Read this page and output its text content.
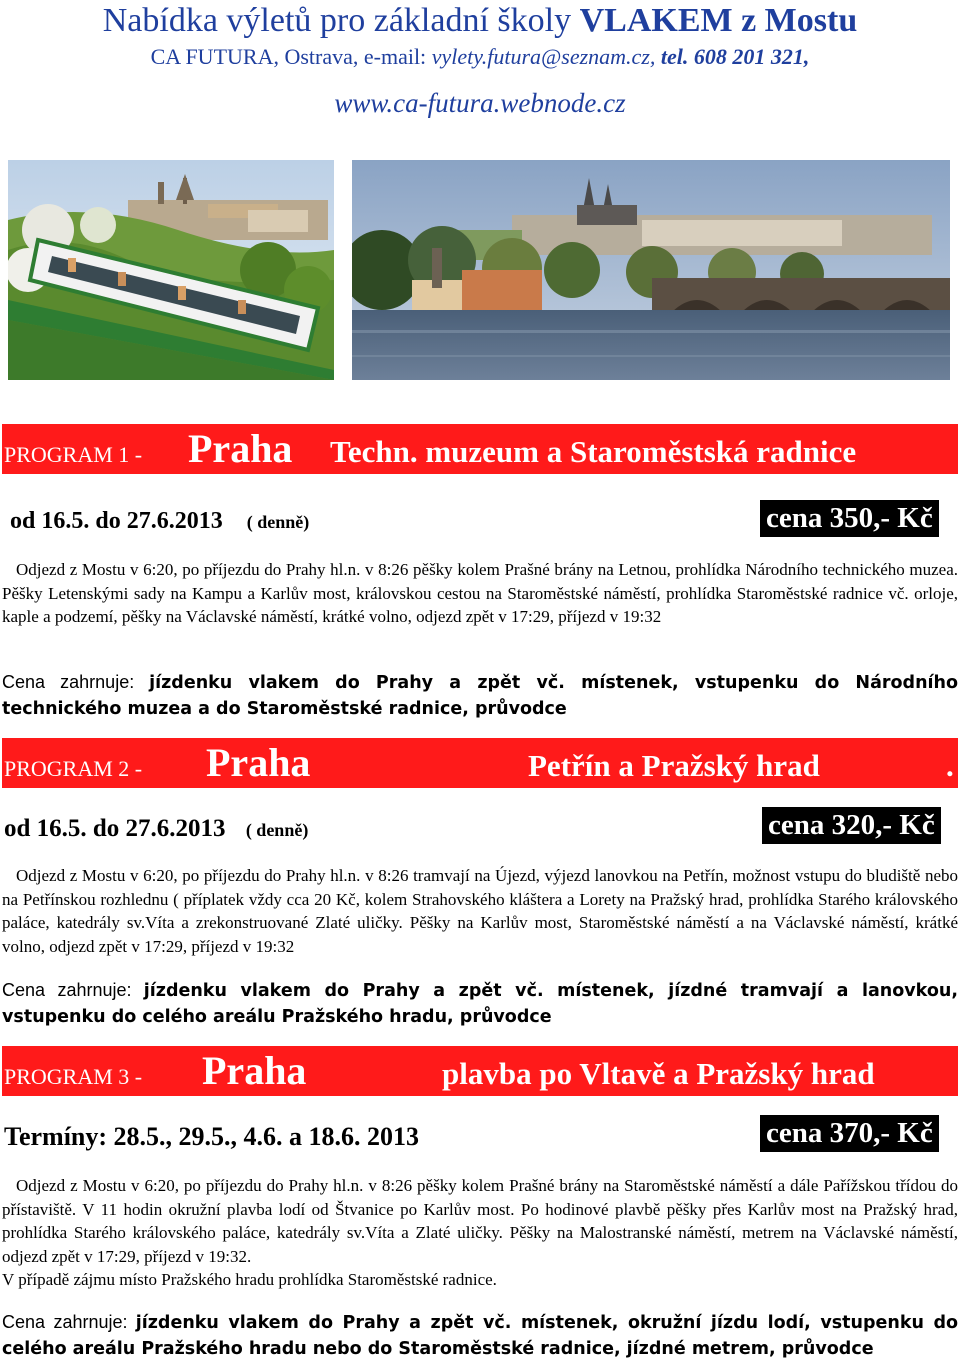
Nabídka výletů pro základní školy VLAKEM z Mostu
CA FUTURA, Ostrava, e-mail: vylety.futura@seznam.cz, tel. 608 201 321,
www.ca-futura.webnode.cz
PROGRAM 1 - Praha Techn. muzeum a Staroměstská radnice
od 16.5. do 27.6.2013 ( denně)	cena 350,- Kč
Odjezd z Mostu v 6:20, po příjezdu do Prahy hl.n. v 8:26 pěšky kolem Prašné brány na Letnou, prohlídka Národního technického muzea. Pěšky Letenskými sady na Kampu a Karlův most, královskou cestou na Staroměstské náměstí, prohlídka Staroměstské radnice vč. orloje, kaple a podzemí, pěšky na Václavské náměstí, krátké volno, odjezd zpět v 17:29, příjezd v 19:32
Cena zahrnuje: jízdenku vlakem do Prahy a zpět vč. místenek, vstupenku do Národního technického muzea a do Staroměstské radnice, průvodce
PROGRAM 2 - Praha	Petřín a Pražský hrad	.
od 16.5. do 27.6.2013 ( denně)	cena 320,- Kč
Odjezd z Mostu v 6:20, po příjezdu do Prahy hl.n. v 8:26 tramvají na Újezd, výjezd lanovkou na Petřín, možnost vstupu do bludiště nebo na Petřínskou rozhlednu ( příplatek vždy cca 20 Kč, kolem Strahovského kláštera a Lorety na Pražský hrad, prohlídka Starého královského paláce, katedrály sv.Víta a zrekonstruované Zlaté uličky. Pěšky na Karlův most, Staroměstské náměstí a na Václavské náměstí, krátké volno, odjezd zpět v 17:29, příjezd v 19:32
Cena zahrnuje: jízdenku vlakem do Prahy a zpět vč. místenek, jízdné tramvají a lanovkou, vstupenku do celého areálu Pražského hradu, průvodce
PROGRAM 3 - Praha	plavba po Vltavě a Pražský hrad
Termíny: 28.5., 29.5., 4.6. a 18.6. 2013	cena 370,- Kč
Odjezd z Mostu v 6:20, po příjezdu do Prahy hl.n. v 8:26 pěšky kolem Prašné brány na Staroměstské náměstí a dále Pařížskou třídou do přístaviště. V 11 hodin okružní plavba lodí od Štvanice po Karlův most. Po hodinové plavbě pěšky přes Karlův most na Pražský hrad, prohlídka Starého královského paláce, katedrály sv.Víta a Zlaté uličky. Pěšky na Malostranské náměstí, metrem na Václavské náměstí, odjezd zpět v 17:29, příjezd v 19:32.
V případě zájmu místo Pražského hradu prohlídka Staroměstské radnice.
Cena zahrnuje: jízdenku vlakem do Prahy a zpět vč. místenek, okružní jízdu lodí, vstupenku do celého areálu Pražského hradu nebo do Staroměstské radnice, jízdné metrem, průvodce
